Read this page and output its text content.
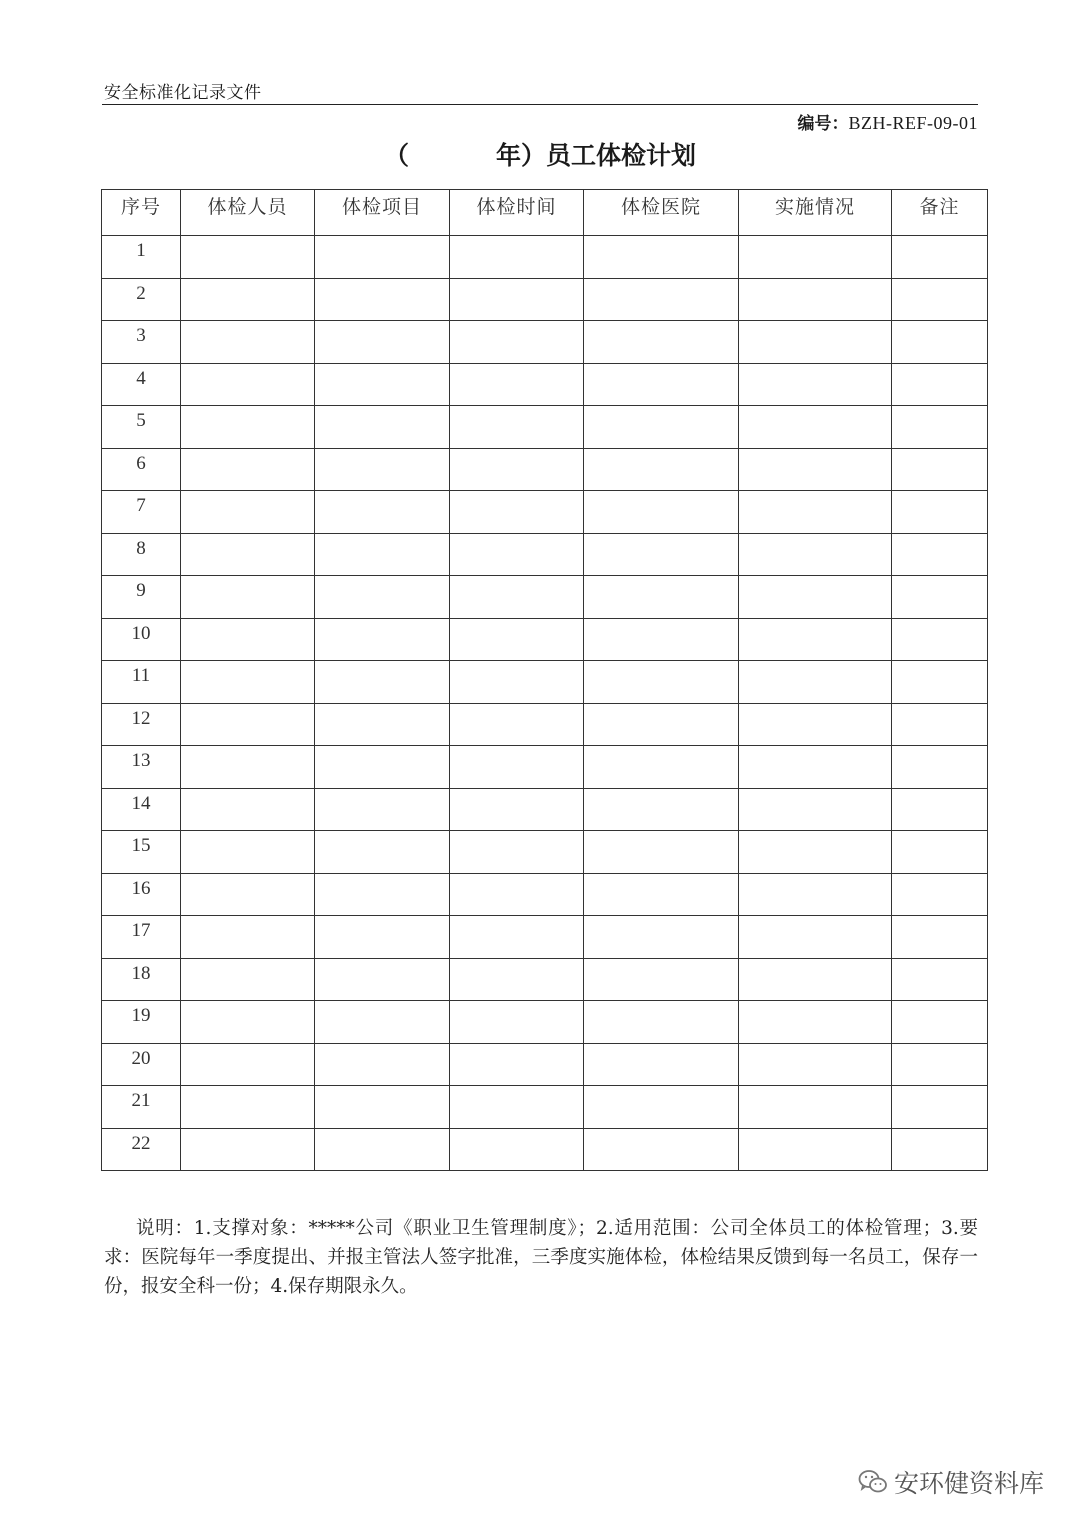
安全标准化记录文件
编号：BZH-REF-09-01
（          年）员工体检计划
序号	体检人员	体检项目	体检时间	体检医院	实施情况	备注
1						
2						
3						
4						
5						
6						
7						
8						
9						
10						
11						
12						
13						
14						
15						
16						
17						
18						
19						
20						
21						
22						
说明：1.支撑对象：*****公司《职业卫生管理制度》；2.适用范围：公司全体员工的体检管理；3.要求：医院每年一季度提出、并报主管法人签字批准，三季度实施体检，体检结果反馈到每一名员工，保存一份，报安全科一份；4.保存期限永久。
安环健资料库
